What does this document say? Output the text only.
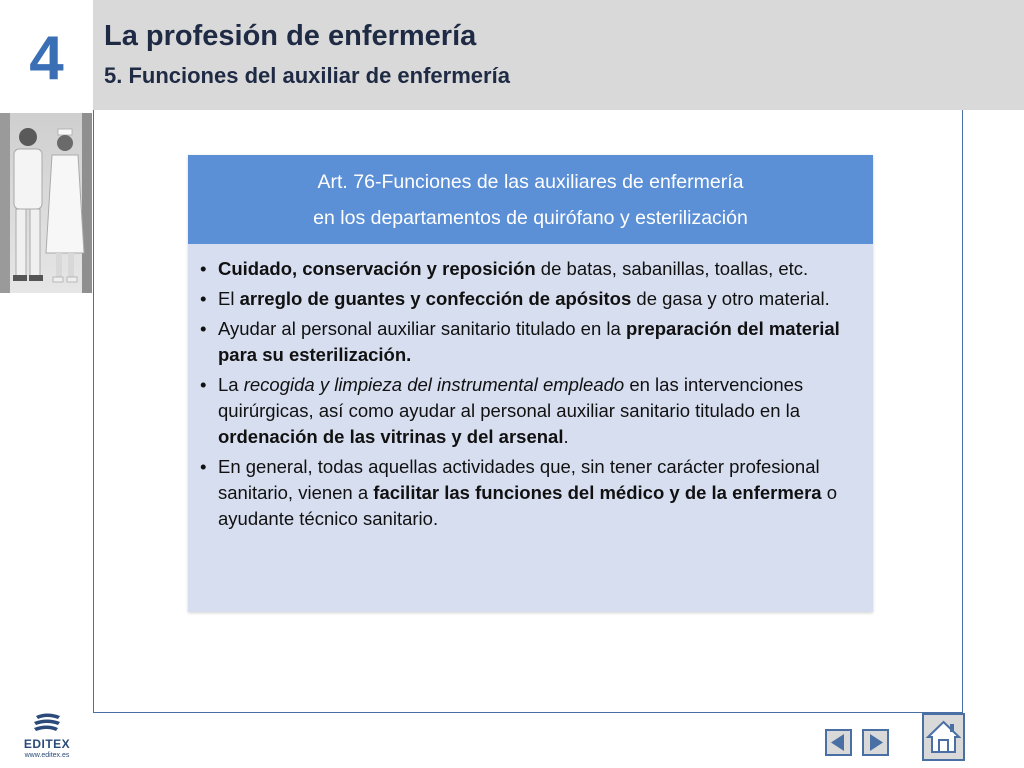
4	La profesión de enfermería
5. Funciones del auxiliar de enfermería
Art. 76-Funciones de las auxiliares de enfermería
en los departamentos de quirófano y esterilización
• Cuidado, conservación y reposición de batas, sabanillas, toallas, etc.
• El arreglo de guantes y confección de apósitos de gasa y otro material.
• Ayudar al personal auxiliar sanitario titulado en la preparación del material para su esterilización.
• La recogida y limpieza del instrumental empleado en las intervenciones quirúrgicas, así como ayudar al personal auxiliar sanitario titulado en la ordenación de las vitrinas y del arsenal.
• En general, todas aquellas actividades que, sin tener carácter profesional sanitario, vienen a facilitar las funciones del médico y de la enfermera o ayudante técnico sanitario.
EDITEX
www.editex.es
